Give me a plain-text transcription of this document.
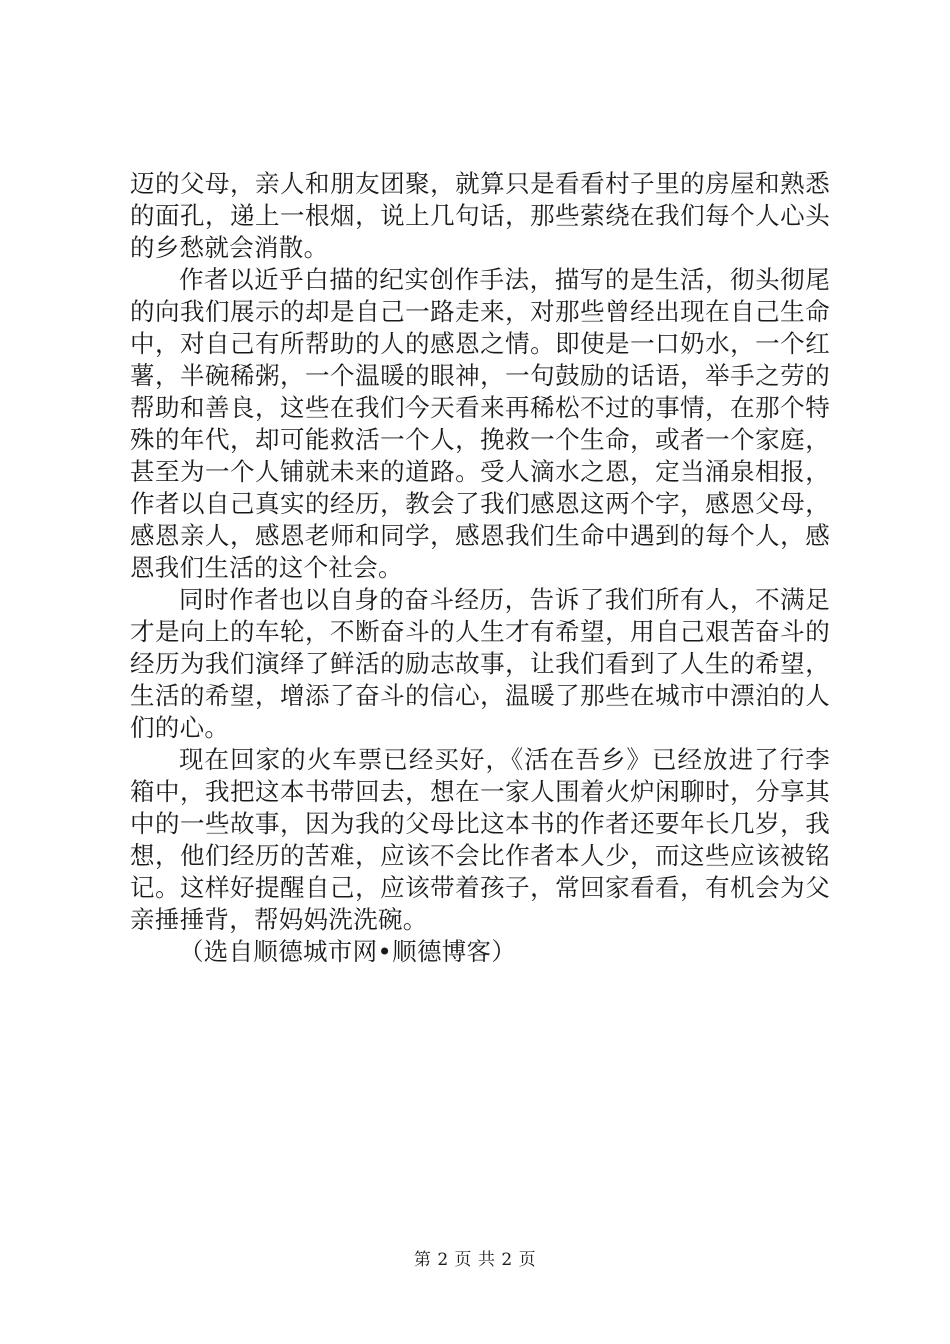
迈的父母，亲人和朋友团聚，就算只是看看村子里的房屋和熟悉的面孔，递上一根烟，说上几句话，那些萦绕在我们每个人心头的乡愁就会消散。

作者以近乎白描的纪实创作手法，描写的是生活，彻头彻尾的向我们展示的却是自己一路走来，对那些曾经出现在自己生命中，对自己有所帮助的人的感恩之情。即使是一口奶水，一个红薯，半碗稀粥，一个温暖的眼神，一句鼓励的话语，举手之劳的帮助和善良，这些在我们今天看来再稀松不过的事情，在那个特殊的年代，却可能救活一个人，挽救一个生命，或者一个家庭，甚至为一个人铺就未来的道路。受人滴水之恩，定当涌泉相报，作者以自己真实的经历，教会了我们感恩这两个字，感恩父母，感恩亲人，感恩老师和同学，感恩我们生命中遇到的每个人，感恩我们生活的这个社会。

同时作者也以自身的奋斗经历，告诉了我们所有人，不满足才是向上的车轮，不断奋斗的人生才有希望，用自己艰苦奋斗的经历为我们演绎了鲜活的励志故事，让我们看到了人生的希望，生活的希望，增添了奋斗的信心，温暖了那些在城市中漂泊的人们的心。

现在回家的火车票已经买好，《活在吾乡》已经放进了行李箱中，我把这本书带回去，想在一家人围着火炉闲聊时，分享其中的一些故事，因为我的父母比这本书的作者还要年长几岁，我想，他们经历的苦难，应该不会比作者本人少，而这些应该被铭记。这样好提醒自己，应该带着孩子，常回家看看，有机会为父亲捶捶背，帮妈妈洗洗碗。

（选自顺德城市网•顺德博客）

第 2 页 共 2 页
